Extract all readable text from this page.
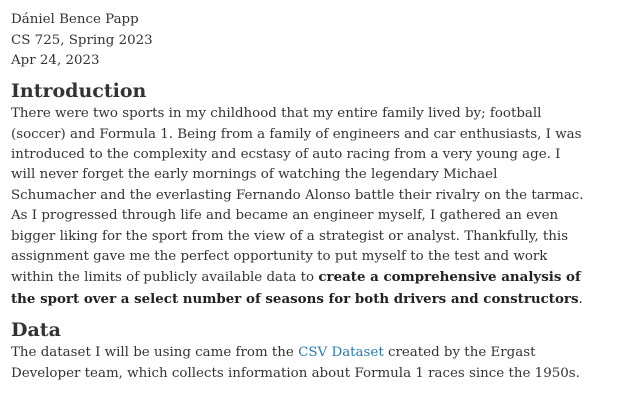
Dániel Bence Papp

CS 725, Spring 2023

Apr 24, 2023

Introduction

There were two sports in my childhood that my entire family lived by; football

(soccer) and Formula 1. Being from a family of engineers and car enthusiasts, I was

introduced to the complexity and ecstasy of auto racing from a very young age. I

will never forget the early mornings of watching the legendary Michael

Schumacher and the everlasting Fernando Alonso battle their rivalry on the tarmac.

As I progressed through life and became an engineer myself, I gathered an even

bigger liking for the sport from the view of a strategist or analyst. Thankfully, this

assignment gave me the perfect opportunity to put myself to the test and work

within the limits of publicly available data to create a comprehensive analysis of

the sport over a select number of seasons for both drivers and constructors.

Data

The dataset I will be using came from the CSV Dataset created by the Ergast

Developer team, which collects information about Formula 1 races since the 1950s.
